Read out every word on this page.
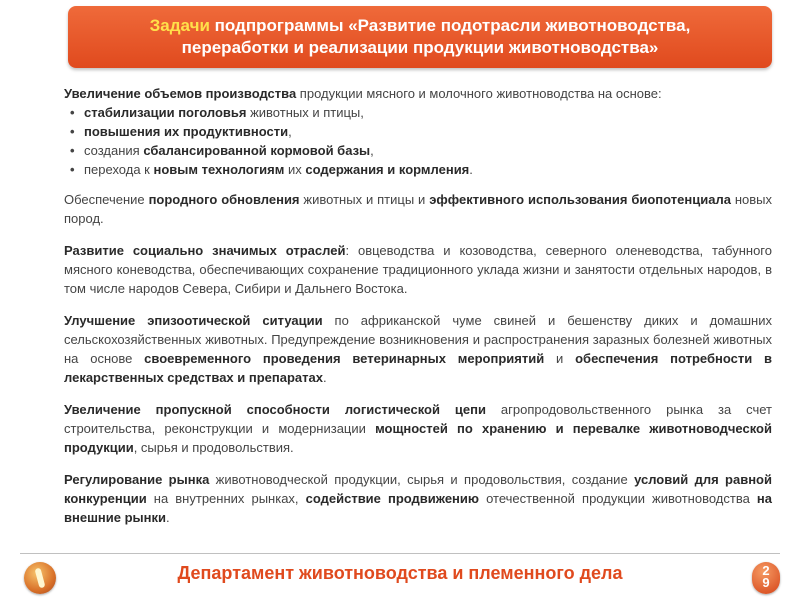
Задачи подпрограммы «Развитие подотрасли животноводства,
переработки и реализации продукции животноводства»
Увеличение объемов производства продукции мясного и молочного животноводства на основе:
• стабилизации поголовья животных и птицы,
• повышения их продуктивности,
• создания сбалансированной кормовой базы,
• перехода к новым технологиям их содержания и кормления.
Обеспечение породного обновления животных и птицы и эффективного использования биопотенциала новых пород.
Развитие социально значимых отраслей: овцеводства и козоводства, северного оленеводства, табунного мясного коневодства, обеспечивающих сохранение традиционного уклада жизни и занятости отдельных народов, в том числе народов Севера, Сибири и Дальнего Востока.
Улучшение эпизоотической ситуации по африканской чуме свиней и бешенству диких и домашних сельскохозяйственных животных. Предупреждение возникновения и распространения заразных болезней животных на основе своевременного проведения ветеринарных мероприятий и обеспечения потребности в лекарственных средствах и препаратах.
Увеличение пропускной способности логистической цепи агропродовольственного рынка за счет строительства, реконструкции и модернизации мощностей по хранению и перевалке животноводческой продукции, сырья и продовольствия.
Регулирование рынка животноводческой продукции, сырья и продовольствия, создание условий для равной конкуренции на внутренних рынках, содействие продвижению отечественной продукции животноводства на внешние рынки.
Департамент животноводства и племенного дела	2
9
